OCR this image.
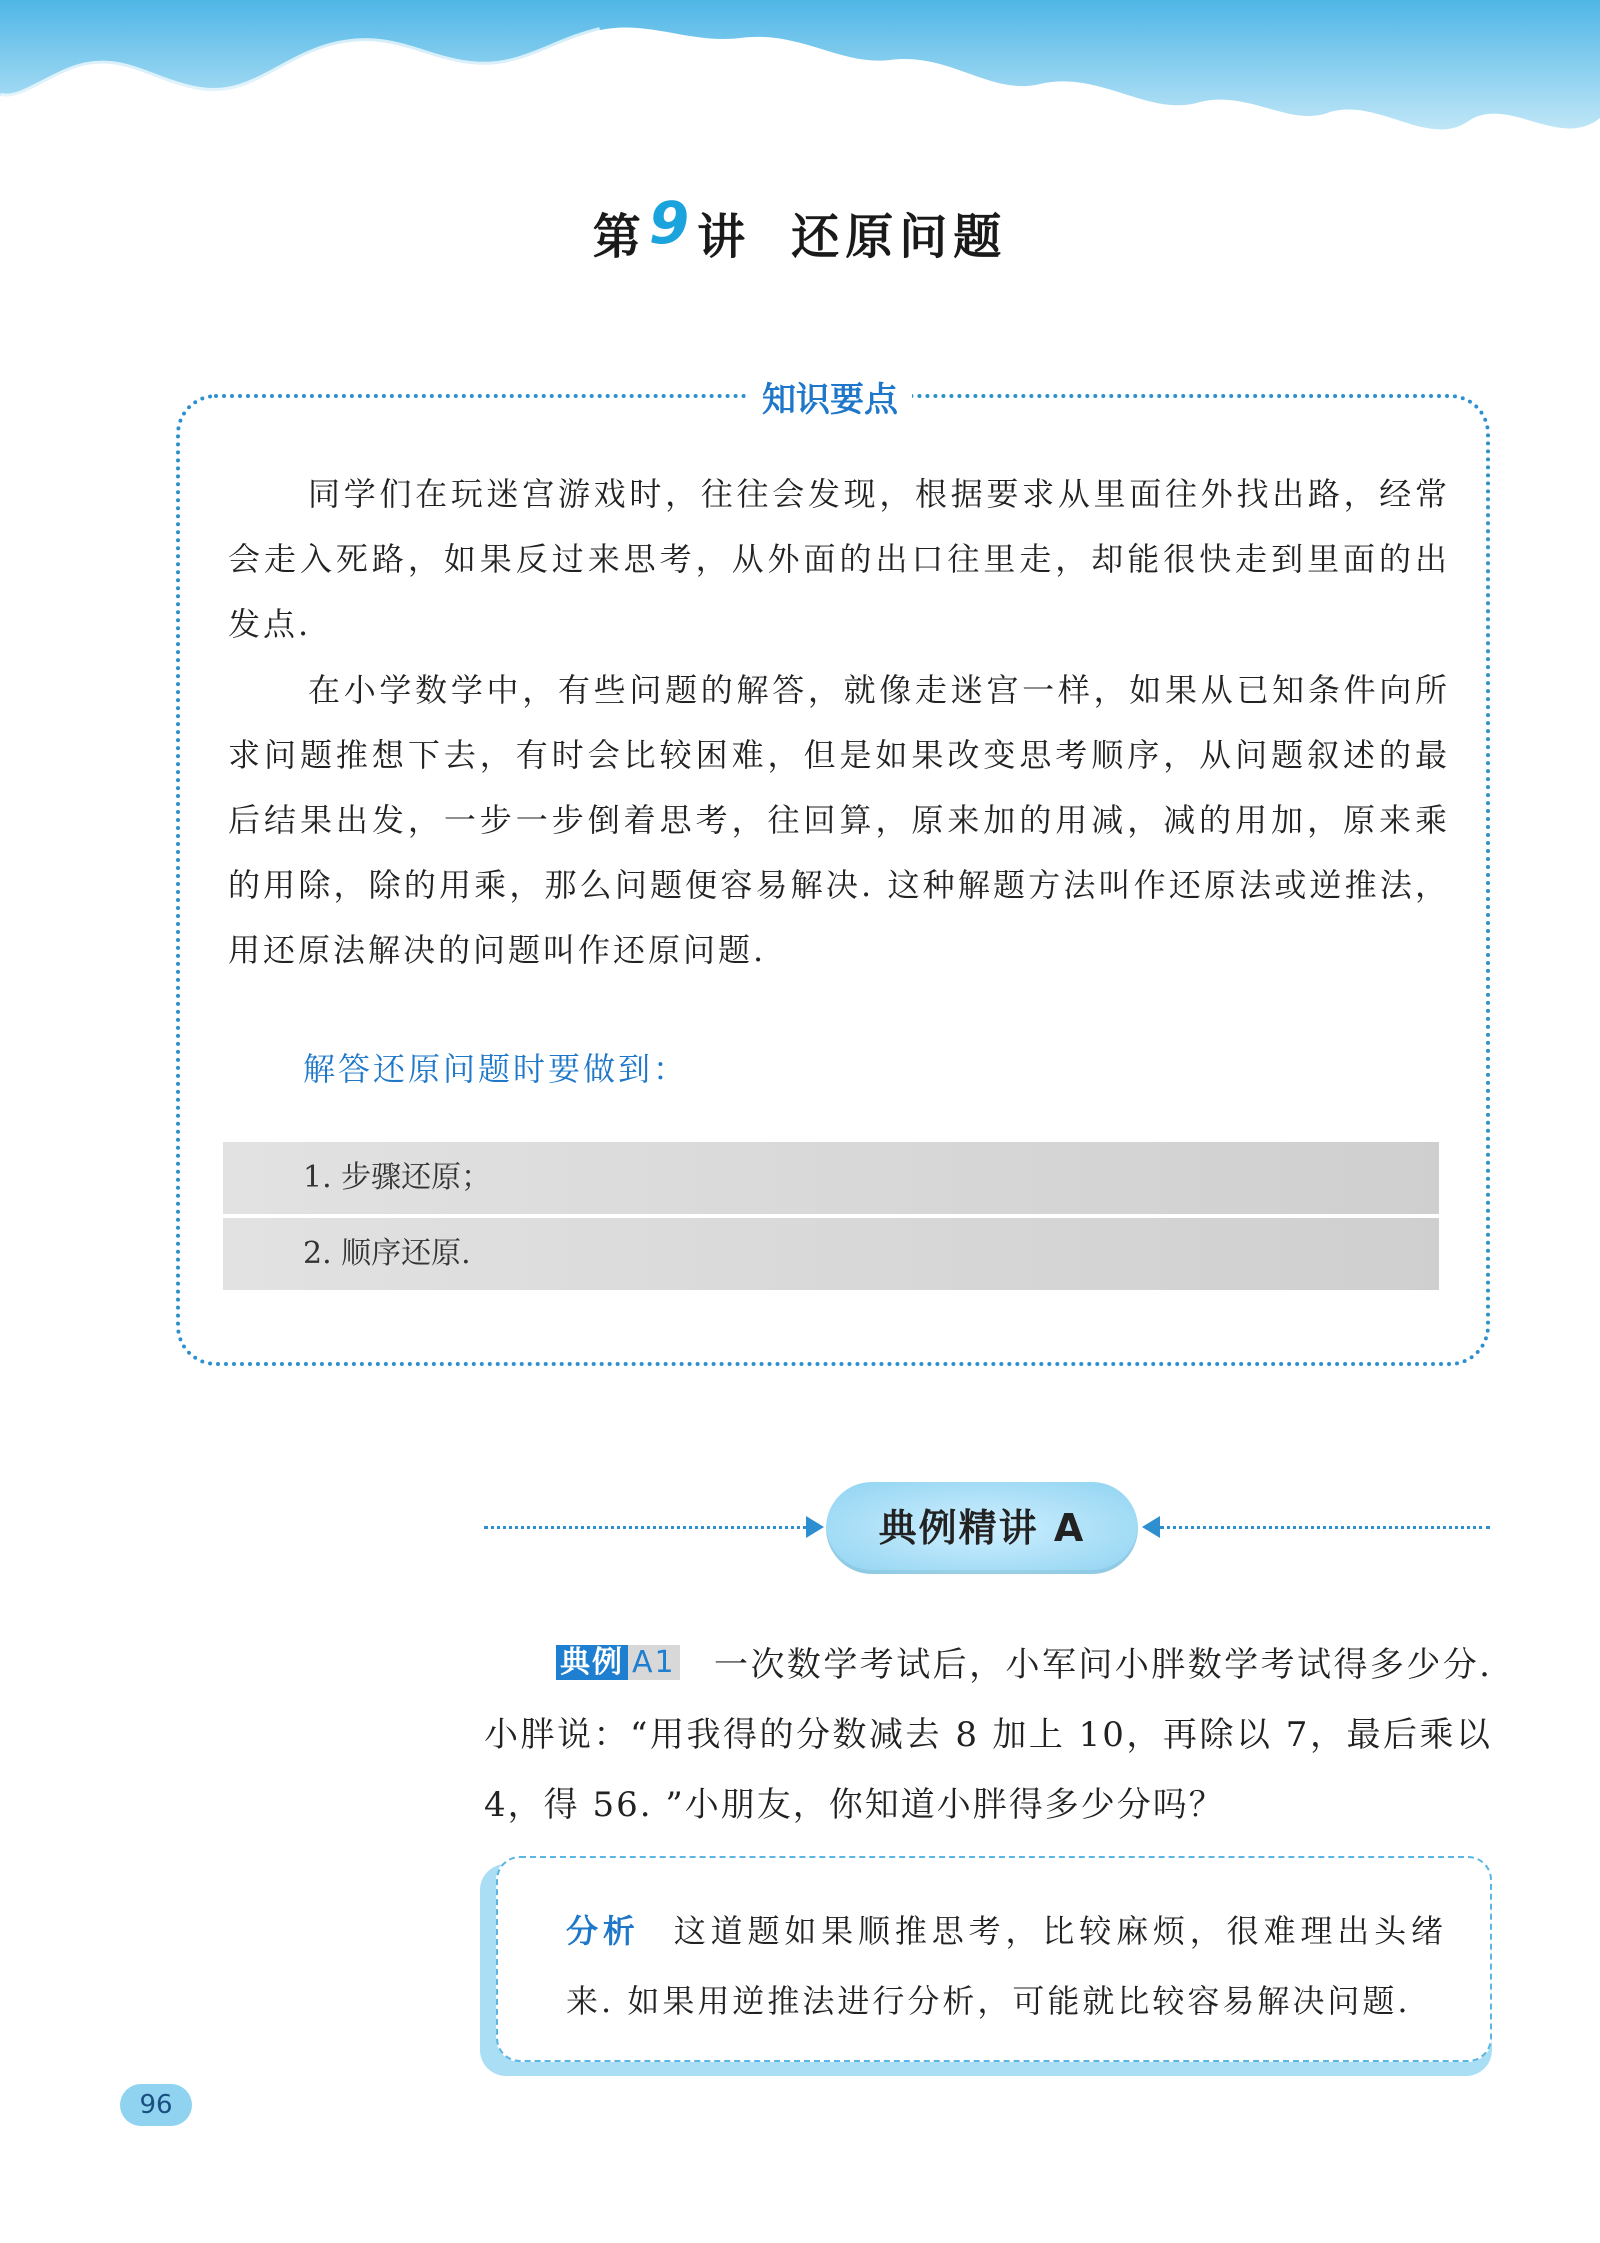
第9讲 还原问题
知识要点

同学们在玩迷宫游戏时，往往会发现，根据要求从里面往外找出路，经常会走入死路，如果反过来思考，从外面的出口往里走，却能很快走到里面的出发点.

在小学数学中，有些问题的解答，就像走迷宫一样，如果从已知条件向所求问题推想下去，有时会比较困难，但是如果改变思考顺序，从问题叙述的最后结果出发，一步一步倒着思考，往回算，原来加的用减，减的用加，原来乘的用除，除的用乘，那么问题便容易解决. 这种解题方法叫作还原法或逆推法，用还原法解决的问题叫作还原问题.

解答还原问题时要做到：
1. 步骤还原；
2. 顺序还原.
典例精讲 A

典例 A1 一次数学考试后，小军问小胖数学考试得多少分. 小胖说：“用我得的分数减去 8 加上 10，再除以 7，最后乘以 4，得 56. ”小朋友，你知道小胖得多少分吗？

分析 这道题如果顺推思考，比较麻烦，很难理出头绪来. 如果用逆推法进行分析，可能就比较容易解决问题.

96
